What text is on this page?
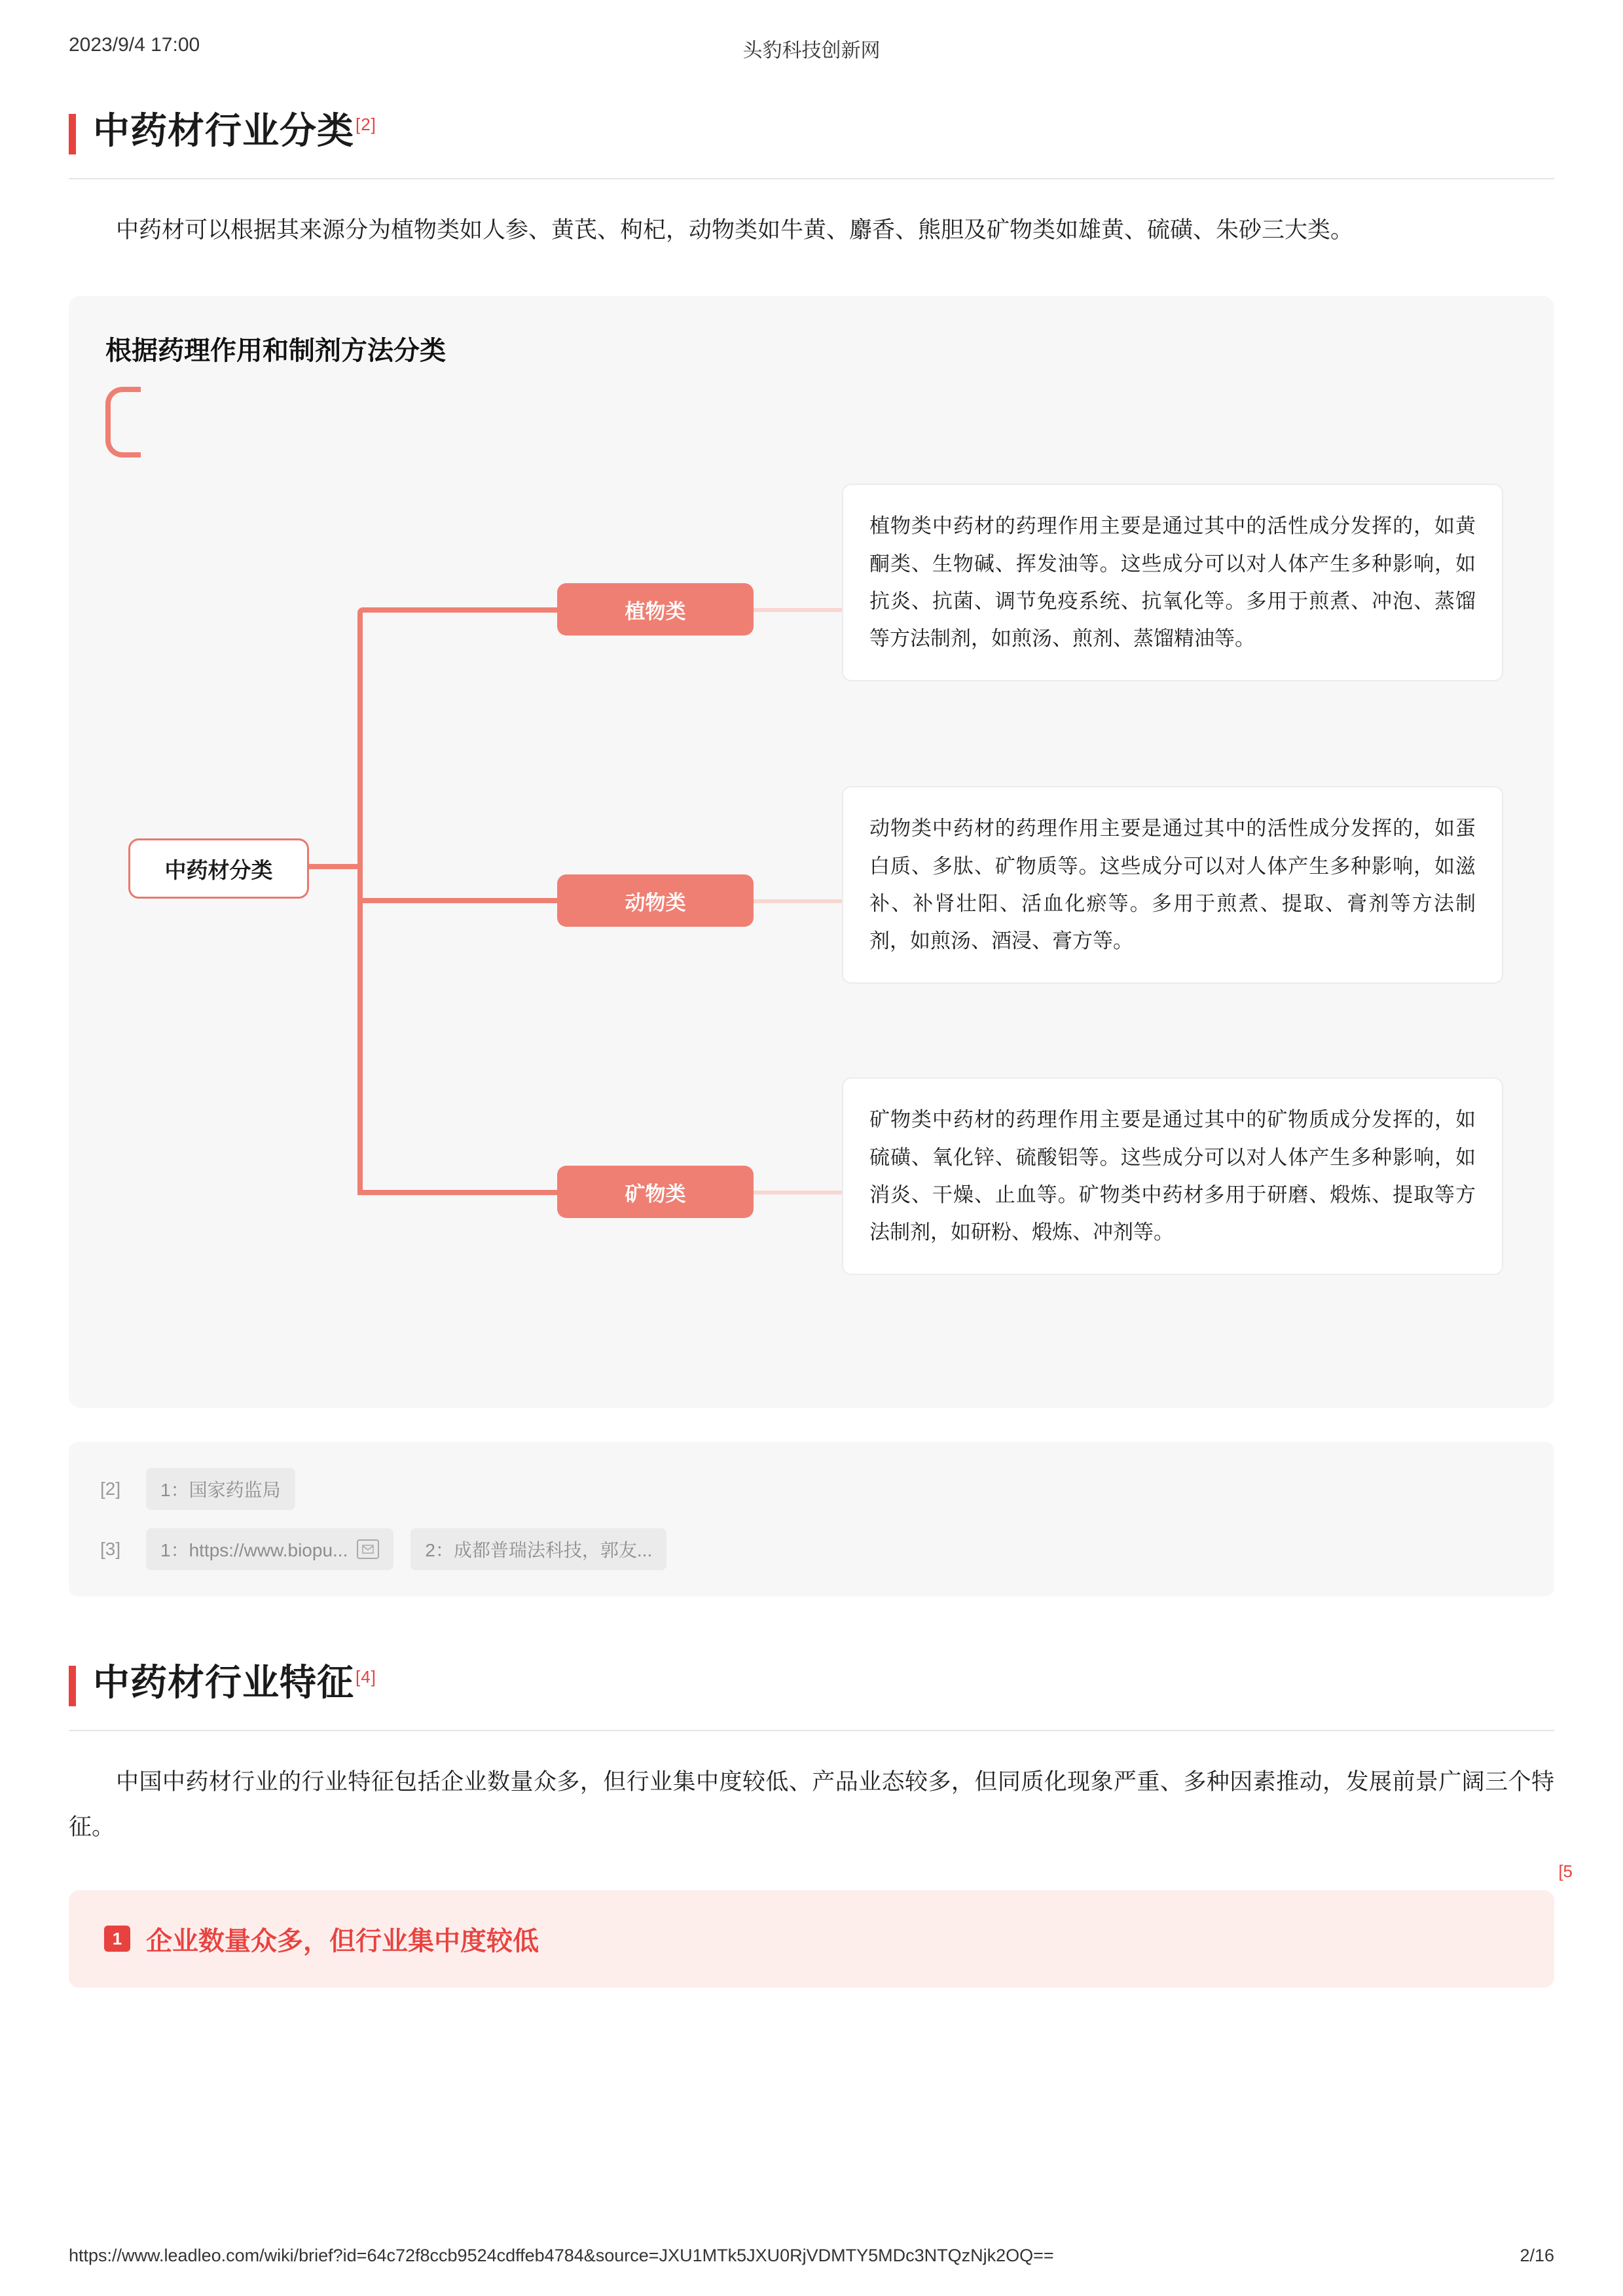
2023/9/4 17:00	头豹科技创新网
中药材行业分类[2]
中药材可以根据其来源分为植物类如人参、黄芪、枸杞，动物类如牛黄、麝香、熊胆及矿物类如雄黄、硫磺、朱砂三大类。
根据药理作用和制剂方法分类
中药材分类
植物类
动物类
矿物类
植物类中药材的药理作用主要是通过其中的活性成分发挥的，如黄酮类、生物碱、挥发油等。这些成分可以对人体产生多种影响，如抗炎、抗菌、调节免疫系统、抗氧化等。多用于煎煮、冲泡、蒸馏等方法制剂，如煎汤、煎剂、蒸馏精油等。
动物类中药材的药理作用主要是通过其中的活性成分发挥的，如蛋白质、多肽、矿物质等。这些成分可以对人体产生多种影响，如滋补、补肾壮阳、活血化瘀等。多用于煎煮、提取、膏剂等方法制剂，如煎汤、酒浸、膏方等。
矿物类中药材的药理作用主要是通过其中的矿物质成分发挥的，如硫磺、氧化锌、硫酸铝等。这些成分可以对人体产生多种影响，如消炎、干燥、止血等。矿物类中药材多用于研磨、煅炼、提取等方法制剂，如研粉、煅炼、冲剂等。
[2]	1：国家药监局
[3]	1：https://www.biopu...	2：成都普瑞法科技，郭友...
中药材行业特征[4]
中国中药材行业的行业特征包括企业数量众多，但行业集中度较低、产品业态较多，但同质化现象严重、多种因素推动，发展前景广阔三个特征。
[5
1 企业数量众多，但行业集中度较低
https://www.leadleo.com/wiki/brief?id=64c72f8ccb9524cdffeb4784&source=JXU1MTk5JXU0RjVDMTY5MDc3NTQzNjk2OQ==	2/16
